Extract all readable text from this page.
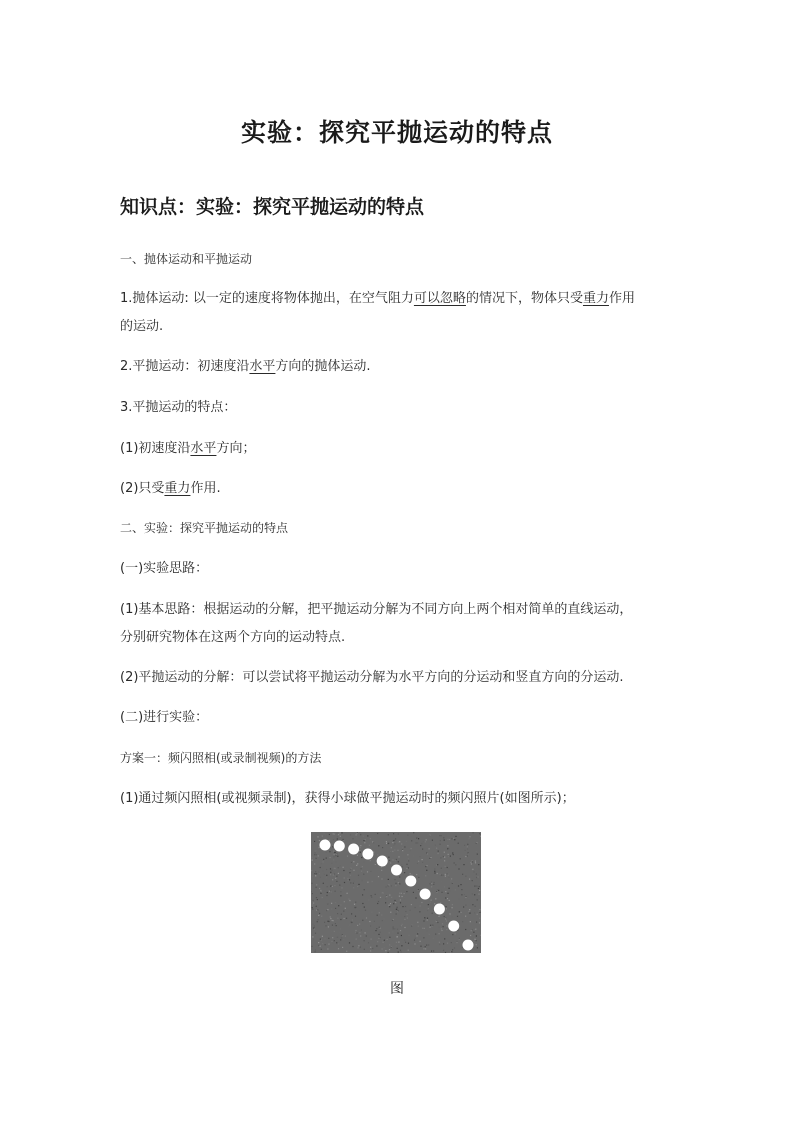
实验：探究平抛运动的特点
知识点：实验：探究平抛运动的特点
一、抛体运动和平抛运动
1.抛体运动: 以一定的速度将物体抛出，在空气阻力可以忽略的情况下，物体只受重力作用
的运动.
2.平抛运动：初速度沿水平方向的抛体运动.
3.平抛运动的特点：
(1)初速度沿水平方向；
(2)只受重力作用.
二、实验：探究平抛运动的特点
(一)实验思路：
(1)基本思路：根据运动的分解，把平抛运动分解为不同方向上两个相对简单的直线运动，
分别研究物体在这两个方向的运动特点.
(2)平抛运动的分解：可以尝试将平抛运动分解为水平方向的分运动和竖直方向的分运动.
(二)进行实验：
方案一：频闪照相(或录制视频)的方法
(1)通过频闪照相(或视频录制)，获得小球做平抛运动时的频闪照片(如图所示)；
图
